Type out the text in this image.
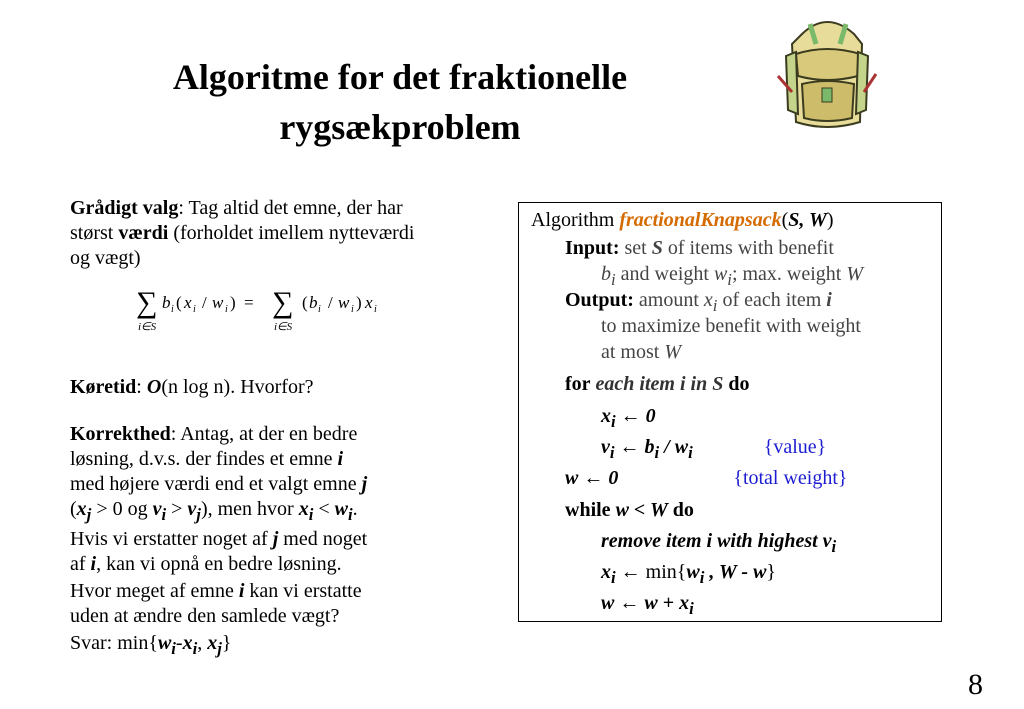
Algoritme for det fraktionelle
rygsækproblem

Grådigt valg: Tag altid det emne, der har
størst værdi (forholdet imellem nytteværdi
og vægt)

Køretid: O(n log n). Hvorfor?

Korrekthed: Antag, at der en bedre
løsning, d.v.s. der findes et emne i
med højere værdi end et valgt emne j
($x_j > 0$ og $v_i > v_j$), men hvor $x_i < w_i$.
Hvis vi erstatter noget af j med noget
af i, kan vi opnå en bedre løsning.

Hvor meget af emne i kan vi erstatte
uden at ændre den samlede vægt?

Svar: $\min\{w_i-x_i$, $x_j$}

∑
i∈S
b i ( x i / w i ) = ∑
i∈S
( b i / w i ) x i
Algorithm fractionalKnapsack(S, W)
Input: set S of items with benefit
$b_i$ and weight $w_i$; max. weight W
Output: amount $x_i$ of each item i
to maximize benefit with weight
at most W
for each item i in S do
$x_i$ ← 0
$v_i$ ← $b_i / w_i$	{value}
w ← 0	{total weight}
while w < W do
remove item i with highest $v_i$
$x_i$ ← $\min\{w_i$ , W - w}
w ← $w + x_i$
8
